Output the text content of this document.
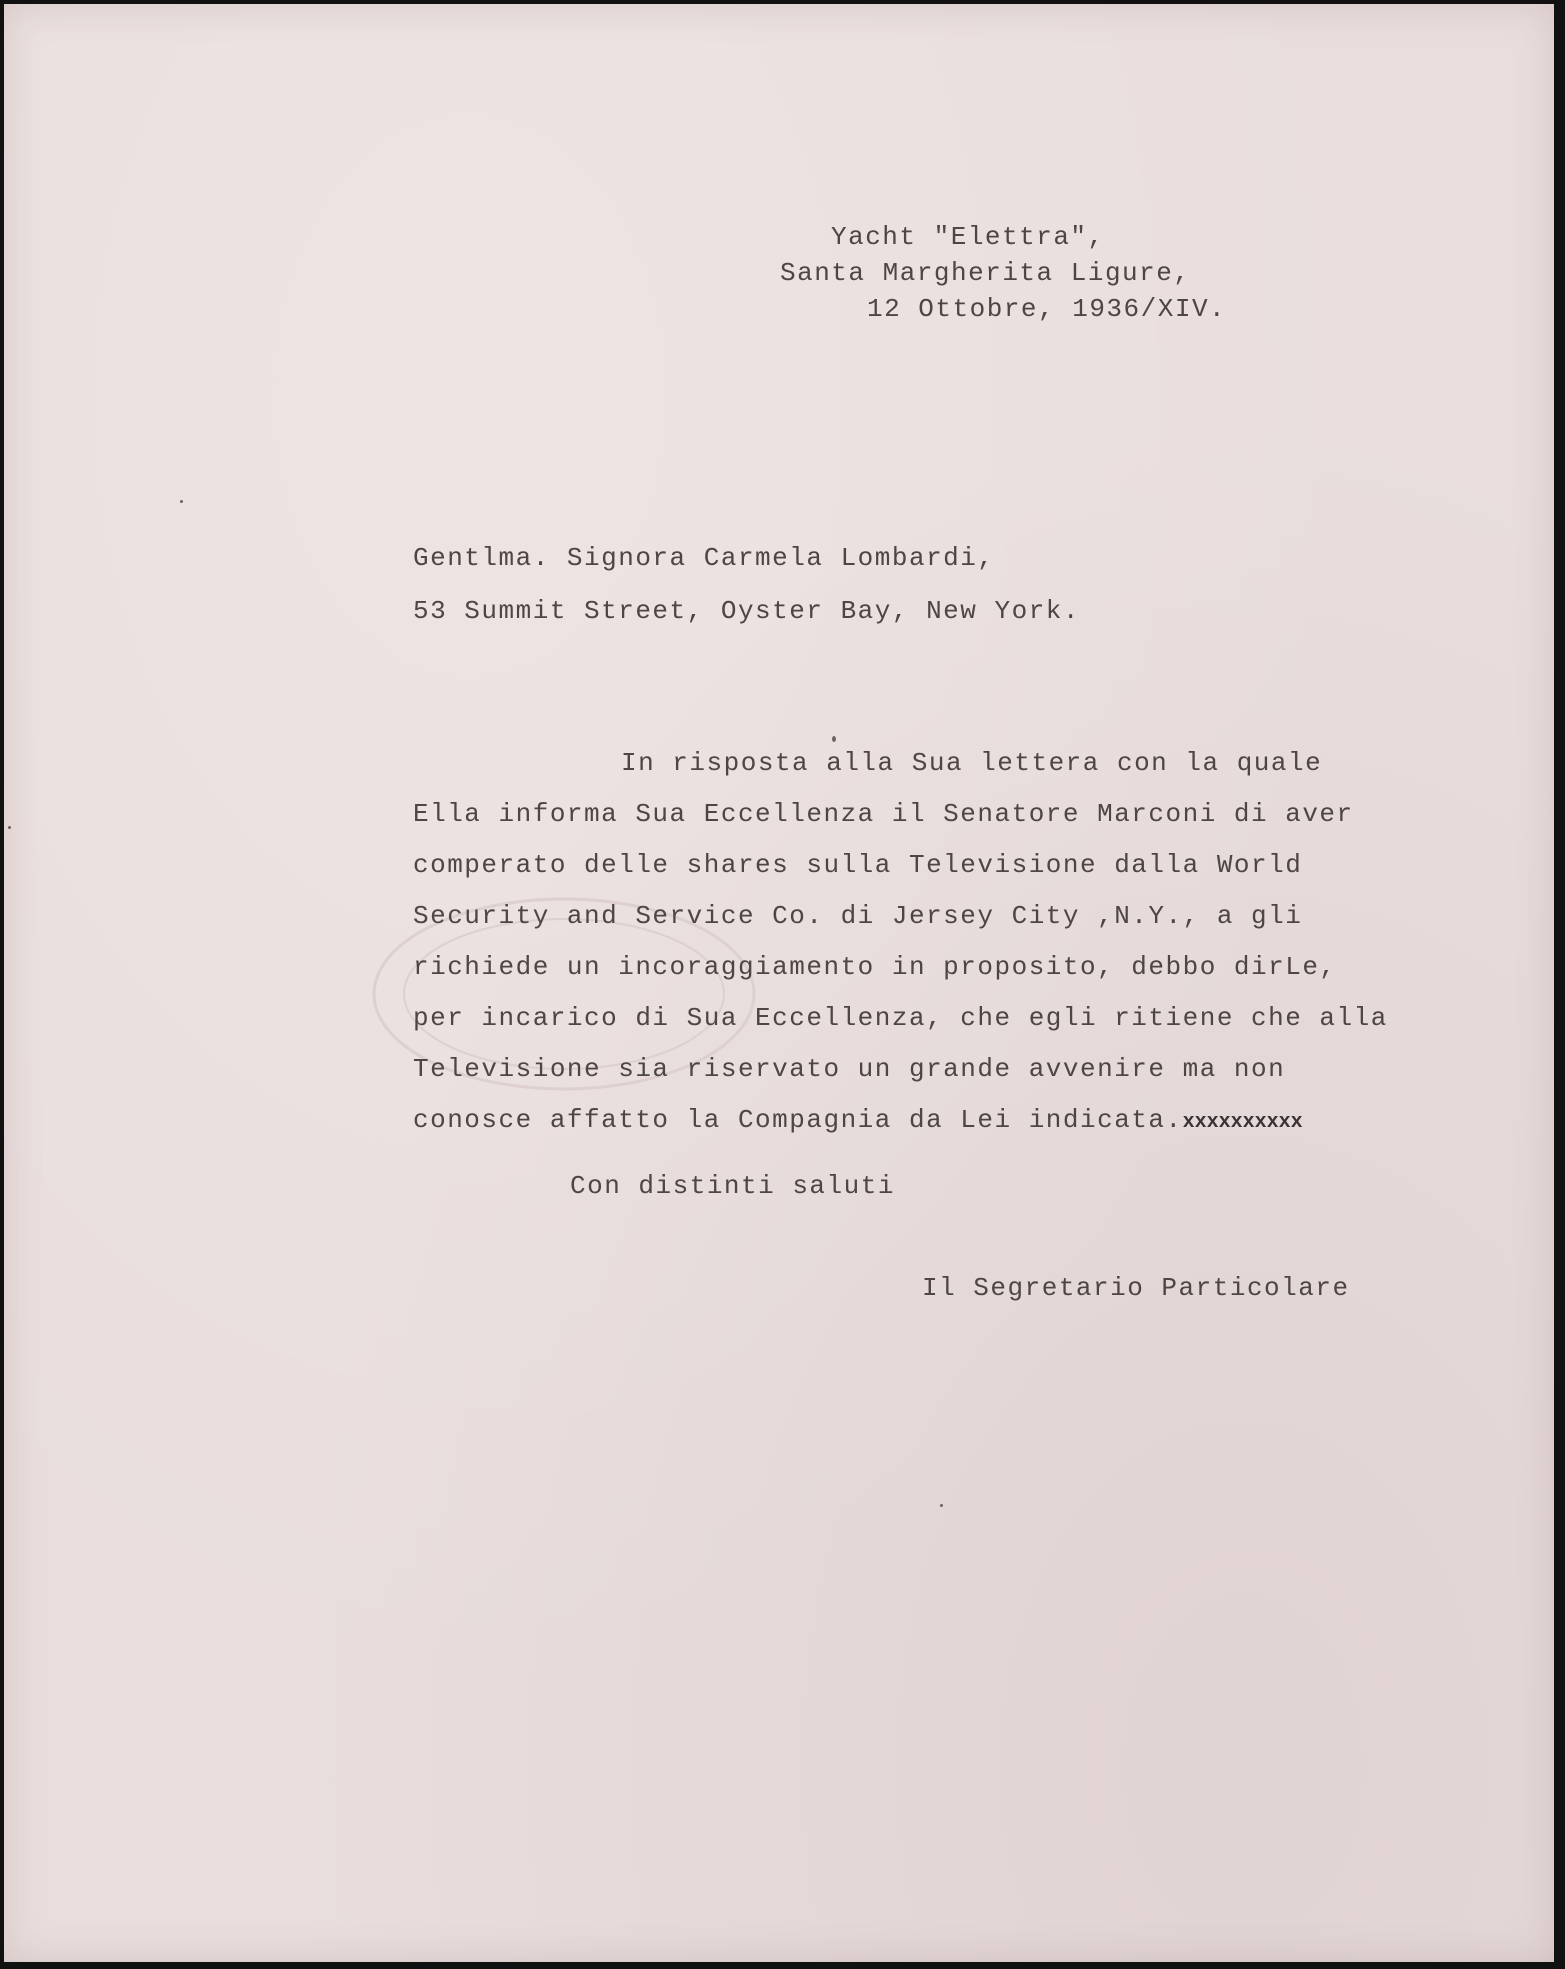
Yacht "Elettra",
Santa Margherita Ligure,
12 Ottobre, 1936/XIV.
Gentlma. Signora Carmela Lombardi,
53 Summit Street, Oyster Bay, New York.
In risposta alla Sua lettera con la quale
Ella informa Sua Eccellenza il Senatore Marconi di aver
comperato delle shares sulla Televisione dalla World
Security and Service Co. di Jersey City ,N.Y., a gli
richiede un incoraggiamento in proposito, debbo dirLe,
per incarico di Sua Eccellenza, che egli ritiene che alla
Televisione sia riservato un grande avvenire ma non
conosce affatto la Compagnia da Lei indicata.xxxxxxxxxx
Con distinti saluti
Il Segretario Particolare
